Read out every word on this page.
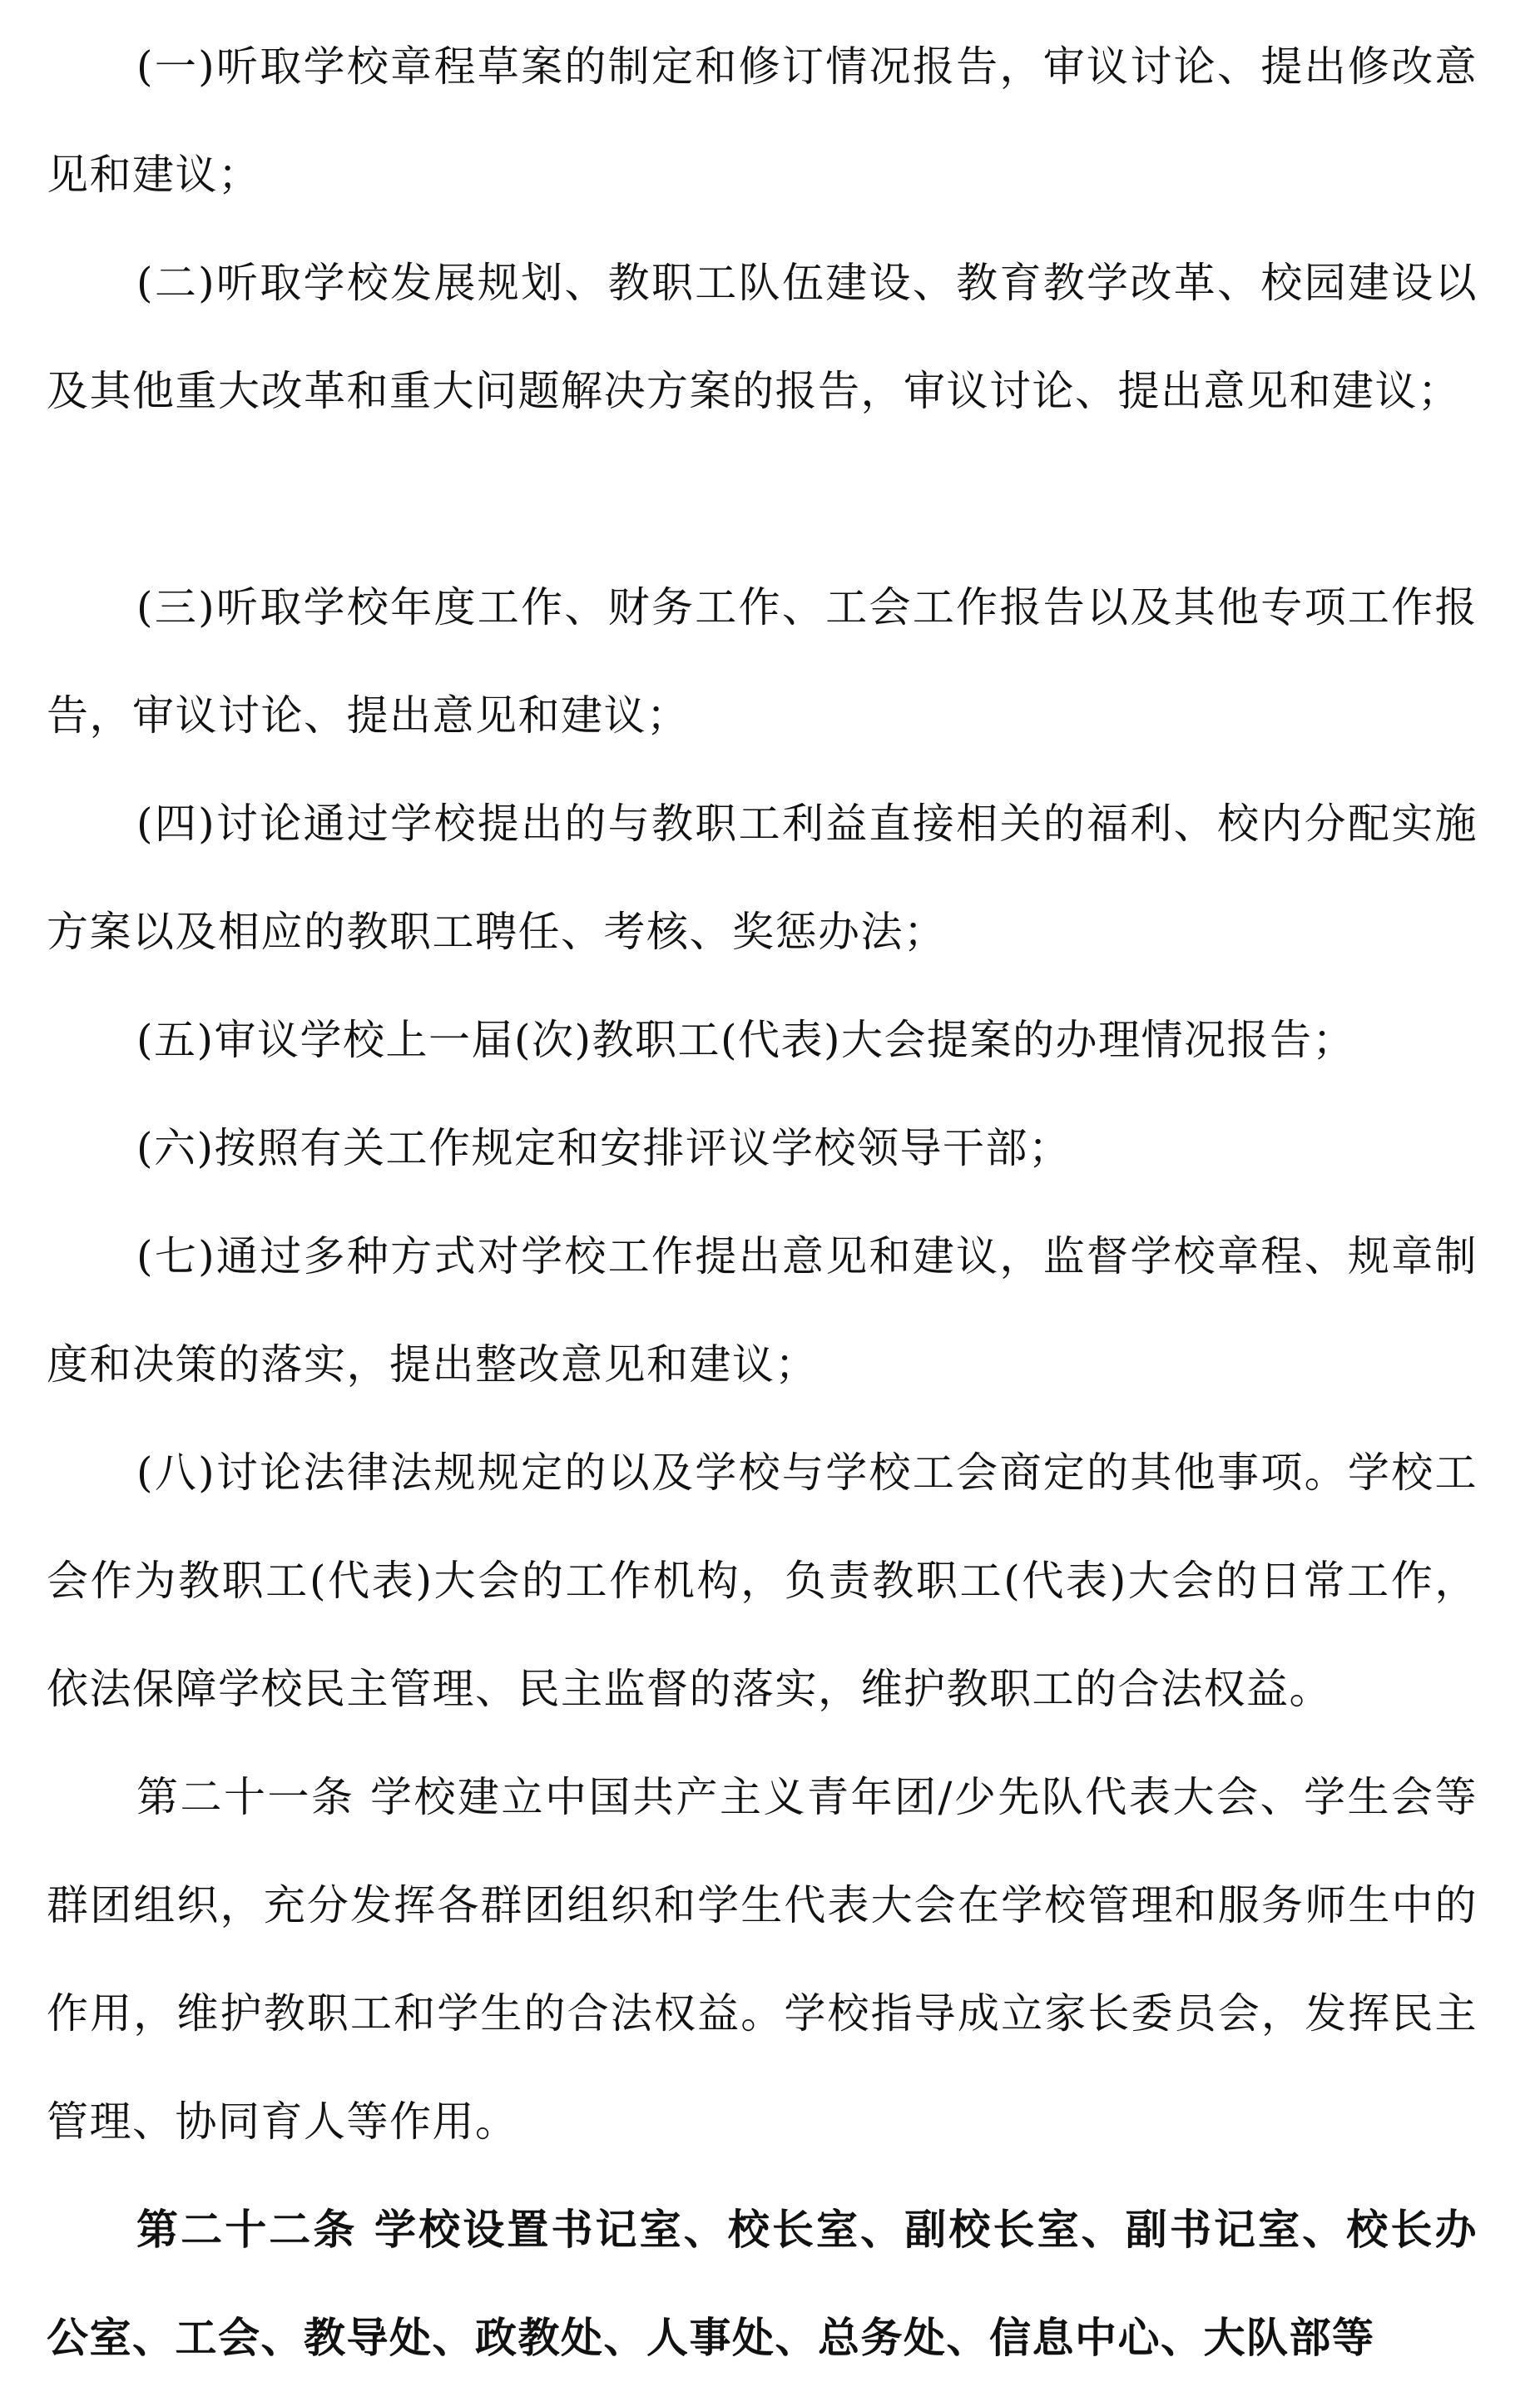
(一)听取学校章程草案的制定和修订情况报告，审议讨论、提出修改意见和建议；

(二)听取学校发展规划、教职工队伍建设、教育教学改革、校园建设以及其他重大改革和重大问题解决方案的报告，审议讨论、提出意见和建议；

(三)听取学校年度工作、财务工作、工会工作报告以及其他专项工作报告，审议讨论、提出意见和建议；

(四)讨论通过学校提出的与教职工利益直接相关的福利、校内分配实施方案以及相应的教职工聘任、考核、奖惩办法；

(五)审议学校上一届(次)教职工(代表)大会提案的办理情况报告；

(六)按照有关工作规定和安排评议学校领导干部；

(七)通过多种方式对学校工作提出意见和建议，监督学校章程、规章制度和决策的落实，提出整改意见和建议；

(八)讨论法律法规规定的以及学校与学校工会商定的其他事项。学校工会作为教职工(代表)大会的工作机构，负责教职工(代表)大会的日常工作，依法保障学校民主管理、民主监督的落实，维护教职工的合法权益。

第二十一条 学校建立中国共产主义青年团/少先队代表大会、学生会等群团组织，充分发挥各群团组织和学生代表大会在学校管理和服务师生中的作用，维护教职工和学生的合法权益。学校指导成立家长委员会，发挥民主管理、协同育人等作用。

第二十二条 学校设置书记室、校长室、副校长室、副书记室、校长办公室、工会、教导处、政教处、人事处、总务处、信息中心、大队部等
